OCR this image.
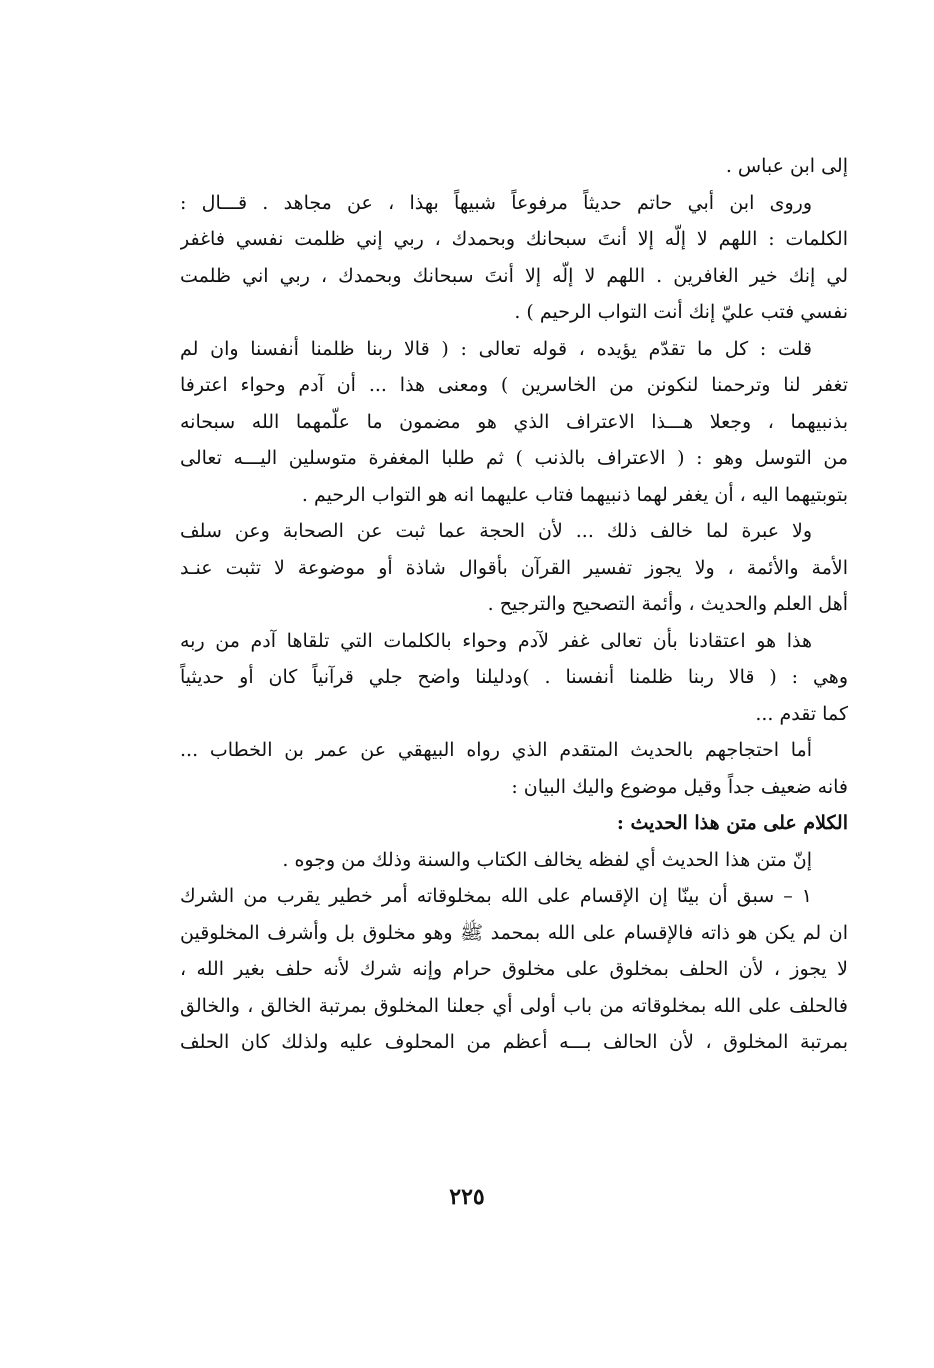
إلى ابن عباس .
وروى ابن أبي حاتم حديثاً مرفوعاً شبيهاً بهذا ، عن مجاهد . قـــال :
الكلمات : اللهم لا إلّه إلا أنتَ سبحانك وبحمدك ، ربي إني ظلمت نفسي فاغفر
لي إنك خير الغافرين . اللهم لا إلّه إلا أنتَ سبحانك وبحمدك ، ربي اني ظلمت
نفسي فتب عليّ إنك أنت التواب الرحيم ) .
قلت : كل ما تقدّم يؤيده ، قوله تعالى : ( قالا ربنا ظلمنا أنفسنا وان لم
تغفر لنا وترحمنا لنكونن من الخاسرين ) ومعنى هذا ... أن آدم وحواء اعترفا
بذنبيهما ، وجعلا هـــذا الاعتراف الذي هو مضمون ما علّمهما الله سبحانه
من التوسل وهو : ( الاعتراف بالذنب ) ثم طلبا المغفرة متوسلين اليـــه تعالى
بتوبتيهما اليه ، أن يغفر لهما ذنبيهما فتاب عليهما انه هو التواب الرحيم .
ولا عبرة لما خالف ذلك ... لأن الحجة عما ثبت عن الصحابة وعن سلف
الأمة والأئمة ، ولا يجوز تفسير القرآن بأقوال شاذة أو موضوعة لا تثبت عنـد
أهل العلم والحديث ، وأئمة التصحيح والترجيح .
هذا هو اعتقادنا بأن تعالى غفر لآدم وحواء بالكلمات التي تلقاها آدم من ربه
وهي : ( قالا ربنا ظلمنا أنفسنا . )ودليلنا واضح جلي قرآنياً كان أو حديثياً
كما تقدم ...
أما احتجاجهم بالحديث المتقدم الذي رواه البيهقي عن عمر بن الخطاب ...
فانه ضعيف جداً وقيل موضوع واليك البيان :
الكلام على متن هذا الحديث :
إنّ متن هذا الحديث أي لفظه يخالف الكتاب والسنة وذلك من وجوه .
١ – سبق أن بينّا إن الإقسام على الله بمخلوقاته أمر خطير يقرب من الشرك
ان لم يكن هو ذاته فالإقسام على الله بمحمد ﷺ وهو مخلوق بل وأشرف المخلوقين
لا يجوز ، لأن الحلف بمخلوق على مخلوق حرام وإنه شرك لأنه حلف بغير الله ،
فالحلف على الله بمخلوقاته من باب أولى أي جعلنا المخلوق بمرتبة الخالق ، والخالق
بمرتبة المخلوق ، لأن الحالف بـــه أعظم من المحلوف عليه ولذلك كان الحلف
٢٢٥
